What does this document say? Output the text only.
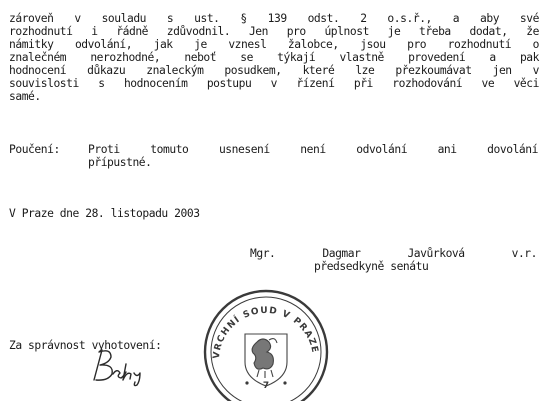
zároveň v souladu s ust. § 139 odst. 2 o.s.ř., a aby své
rozhodnutí i řádně zdůvodnil. Jen pro úplnost je třeba dodat, že
námitky odvolání, jak je vznesl žalobce, jsou pro rozhodnutí o
znalečném nerozhodné, neboť se týkají vlastně provedení a pak
hodnocení důkazu znaleckým posudkem, které lze přezkoumávat jen v
souvislosti s hodnocením postupu v řízení při rozhodování ve věci
samé.
Poučení: Proti tomuto usnesení není odvolání ani dovolání
přípustné.
V Praze dne 28. listopadu 2003
Mgr. Dagmar Javůrková v.r.
předsedkyně senátu
Za správnost vyhotovení:
VRCHNÍ SOUD V PRAZE
7
